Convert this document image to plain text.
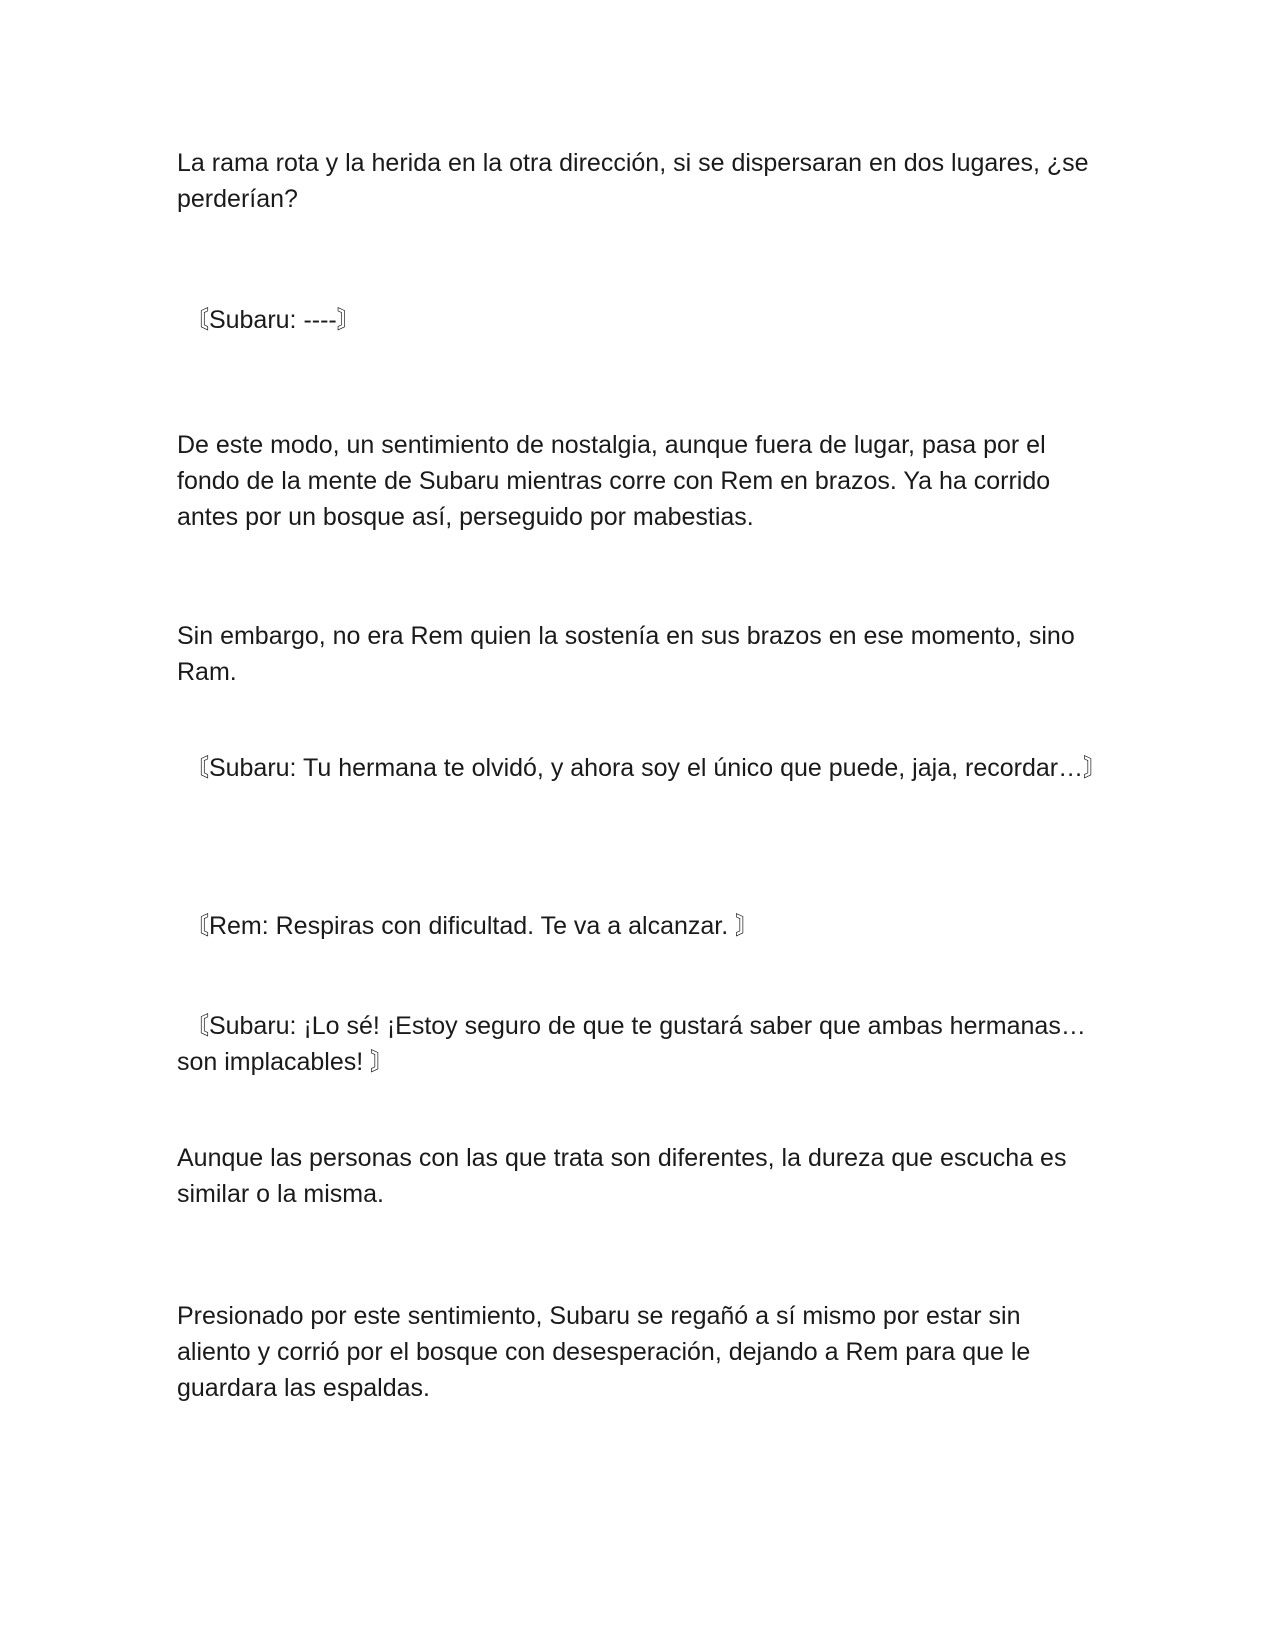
La rama rota y la herida en la otra dirección, si se dispersaran en dos lugares, ¿se perderían?

〘Subaru: ----〙

De este modo, un sentimiento de nostalgia, aunque fuera de lugar, pasa por el fondo de la mente de Subaru mientras corre con Rem en brazos. Ya ha corrido antes por un bosque así, perseguido por mabestias.

Sin embargo, no era Rem quien la sostenía en sus brazos en ese momento, sino Ram.

〘Subaru: Tu hermana te olvidó, y ahora soy el único que puede, jaja, recordar…〙

〘Rem: Respiras con dificultad. Te va a alcanzar. 〙

〘Subaru: ¡Lo sé! ¡Estoy seguro de que te gustará saber que ambas hermanas… son implacables! 〙

Aunque las personas con las que trata son diferentes, la dureza que escucha es similar o la misma.

Presionado por este sentimiento, Subaru se regañó a sí mismo por estar sin aliento y corrió por el bosque con desesperación, dejando a Rem para que le guardara las espaldas.
